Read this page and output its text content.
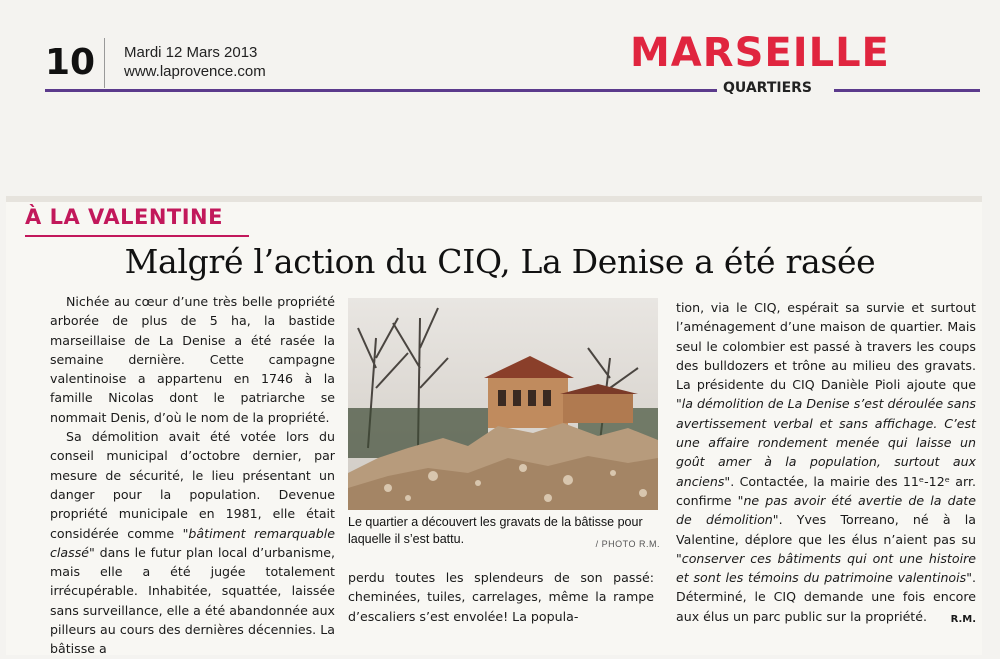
10 Mardi 12 Mars 2013
www.laprovence.com	MARSEILLE
QUARTIERS
À LA VALENTINE
Malgré l’action du CIQ, La Denise a été rasée

Nichée au cœur d’une très belle propriété arborée de plus de 5 ha, la bastide marseillaise de La Denise a été rasée la semaine dernière. Cette campagne valentinoise a appartenu en 1746 à la famille Nicolas dont le patriarche se nommait Denis, d’où le nom de la propriété.

Sa démolition avait été votée lors du conseil municipal d’octobre dernier, par mesure de sécurité, le lieu présentant un danger pour la population. Devenue propriété municipale en 1981, elle était considérée comme "bâtiment remarquable classé" dans le futur plan local d’urbanisme, mais elle a été jugée totalement irrécupérable. Inhabitée, squattée, laissée sans surveillance, elle a été abandonnée aux pilleurs au cours des dernières décennies. La bâtisse a

Le quartier a découvert les gravats de la bâtisse pour laquelle il s’est battu.	/ PHOTO R.M.

perdu toutes les splendeurs de son passé: cheminées, tuiles, carrelages, même la rampe d’escaliers s’est envolée! La popula-

tion, via le CIQ, espérait sa survie et surtout l’aménagement d’une maison de quartier. Mais seul le colombier est passé à travers les coups des bulldozers et trône au milieu des gravats. La présidente du CIQ Danièle Pioli ajoute que "la démolition de La Denise s’est déroulée sans avertissement verbal et sans affichage. C’est une affaire rondement menée qui laisse un goût amer à la population, surtout aux anciens". Contactée, la mairie des 11ᵉ-12ᵉ arr. confirme "ne pas avoir été avertie de la date de démolition". Yves Torreano, né à la Valentine, déplore que les élus n’aient pas su "conserver ces bâtiments qui ont une histoire et sont les témoins du patrimoine valentinois". Déterminé, le CIQ demande une fois encore aux élus un parc public sur la propriété. R.M.
